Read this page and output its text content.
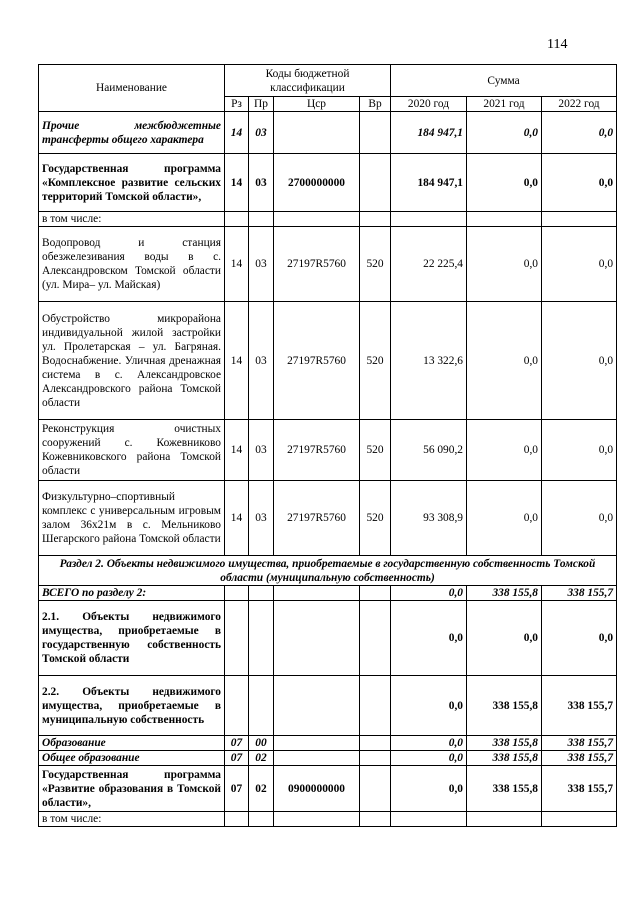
114
Наименование	Коды бюджетной классификации				Сумма		
	Рз	Пр	Цср	Вр	2020 год	2021 год	2022 год
Прочие межбюджетные трансферты общего характера	14	03			184 947,1	0,0	0,0
Государственная программа «Комплексное развитие сельских территорий Томской области»,	14	03	2700000000		184 947,1	0,0	0,0
в том числе:							
Водопровод и станция обезжелезивания воды в с. Александровском Томской области (ул. Мира– ул. Майская)	14	03	27197R5760	520	22 225,4	0,0	0,0
Обустройство микрорайона индивидуальной жилой застройки ул. Пролетарская – ул. Багряная. Водоснабжение. Уличная дренажная система в с. Александровское Александровского района Томской области	14	03	27197R5760	520	13 322,6	0,0	0,0
Реконструкция очистных сооружений с. Кожевниково Кожевниковского района Томской области	14	03	27197R5760	520	56 090,2	0,0	0,0
Физкультурно–спортивный комплекс с универсальным игровым залом 36х21м в с. Мельниково Шегарского района Томской области	14	03	27197R5760	520	93 308,9	0,0	0,0
Раздел 2. Объекты недвижимого имущества, приобретаемые в государственную собственность Томской области (муниципальную собственность)							
ВСЕГО по разделу 2:					0,0	338 155,8	338 155,7
2.1. Объекты недвижимого имущества, приобретаемые в государственную собственность Томской области					0,0	0,0	0,0
2.2. Объекты недвижимого имущества, приобретаемые в муниципальную собственность					0,0	338 155,8	338 155,7
Образование	07	00			0,0	338 155,8	338 155,7
Общее образование	07	02			0,0	338 155,8	338 155,7
Государственная программа «Развитие образования в Томской области»,	07	02	0900000000		0,0	338 155,8	338 155,7
в том числе:							
